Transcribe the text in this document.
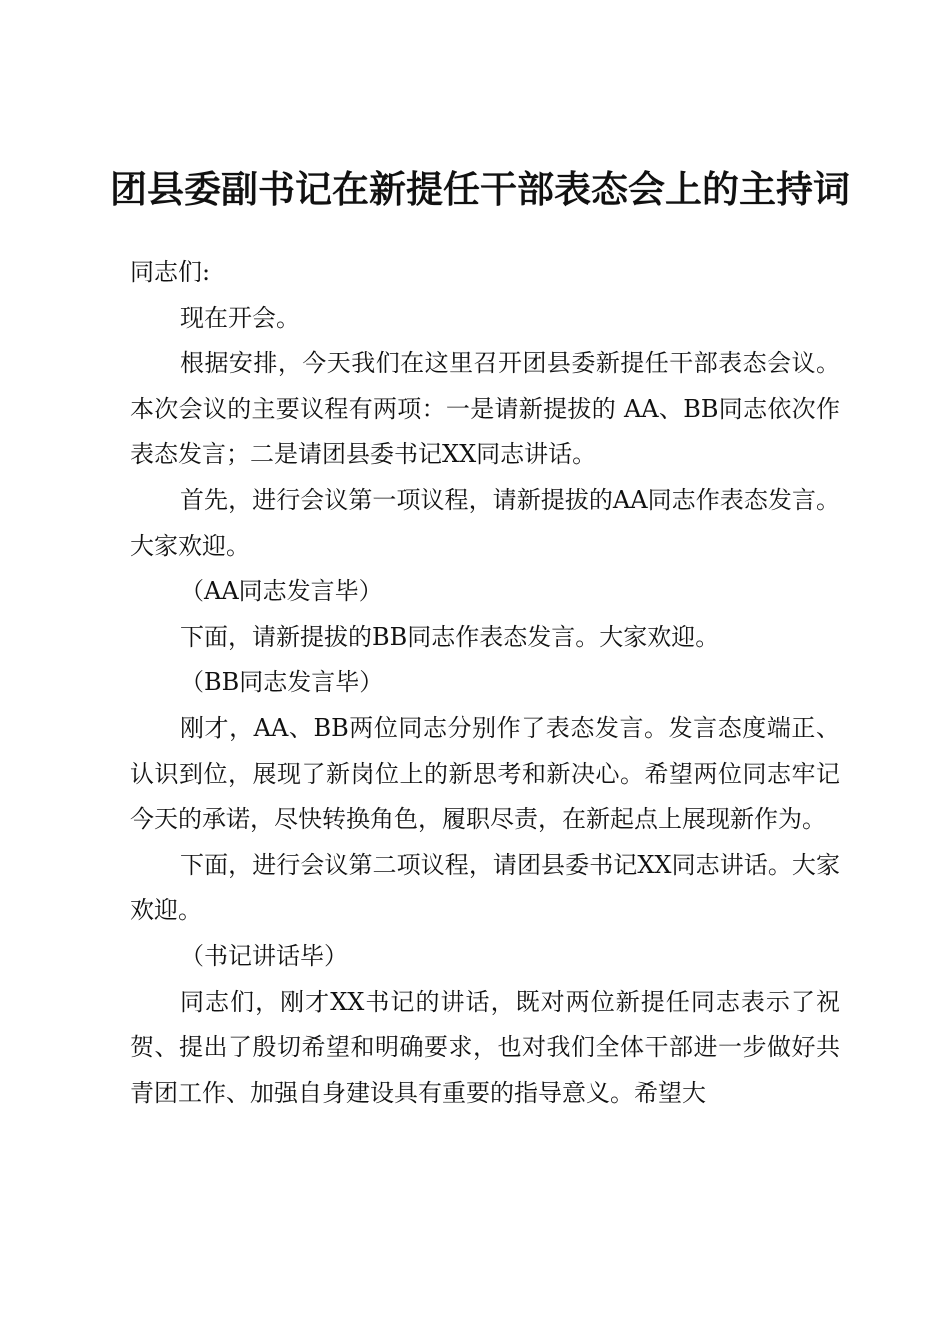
团县委副书记在新提任干部表态会上的主持词

同志们:

现在开会。

根据安排，今天我们在这里召开团县委新提任干部表态会议。本次会议的主要议程有两项：一是请新提拔的 AA、BB同志依次作表态发言；二是请团县委书记XX同志讲话。

首先，进行会议第一项议程，请新提拔的AA同志作表态发言。大家欢迎。

（AA同志发言毕）

下面，请新提拔的BB同志作表态发言。大家欢迎。

（BB同志发言毕）

刚才，AA、BB两位同志分别作了表态发言。发言态度端正、认识到位，展现了新岗位上的新思考和新决心。希望两位同志牢记今天的承诺，尽快转换角色，履职尽责，在新起点上展现新作为。

下面，进行会议第二项议程，请团县委书记XX同志讲话。大家欢迎。

（书记讲话毕）

同志们，刚才XX书记的讲话，既对两位新提任同志表示了祝贺、提出了殷切希望和明确要求，也对我们全体干部进一步做好共青团工作、加强自身建设具有重要的指导意义。希望大
